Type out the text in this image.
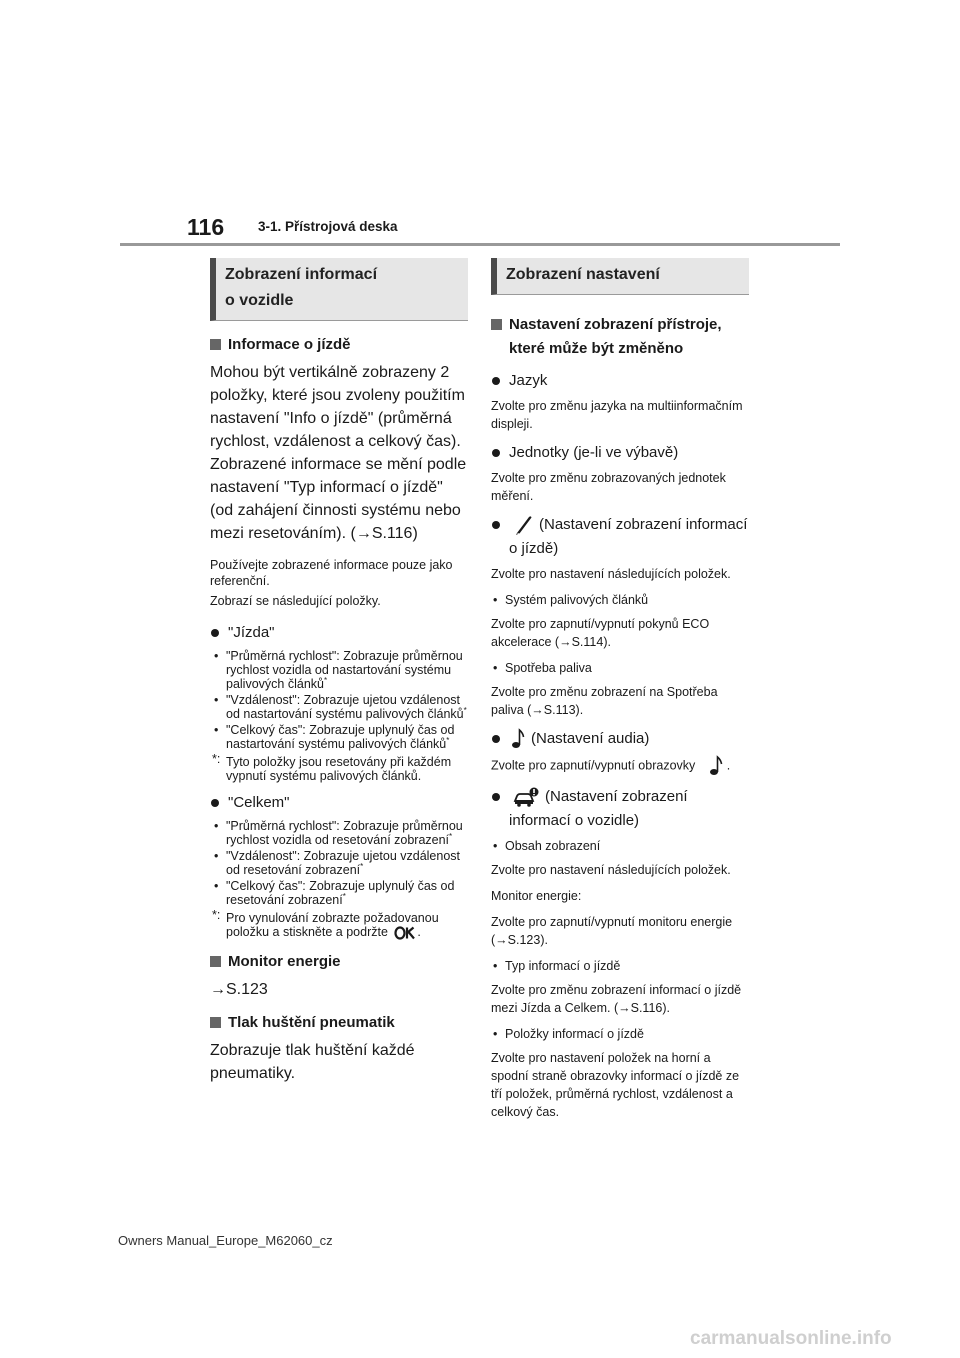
116	3-1. Přístrojová deska
Zobrazení informací
o vozidle
Informace o jízdě

Mohou být vertikálně zobrazeny 2 položky, které jsou zvoleny použitím nastavení "Info o jízdě" (průměrná rychlost, vzdálenost a celkový čas). Zobrazené informace se mění podle nastavení "Typ informací o jízdě" (od zahájení činnosti systému nebo mezi resetováním). (→S.116)

Používejte zobrazené informace pouze jako referenční.

Zobrazí se následující položky.

"Jízda"
• "Průměrná rychlost": Zobrazuje průměrnou rychlost vozidla od nastartování systému palivových článků*
• "Vzdálenost": Zobrazuje ujetou vzdálenost od nastartování systému palivových článků*
• "Celkový čas": Zobrazuje uplynulý čas od nastartování systému palivových článků*
*: Tyto položky jsou resetovány při každém vypnutí systému palivových článků.
"Celkem"
• "Průměrná rychlost": Zobrazuje průměrnou rychlost vozidla od resetování zobrazení*
• "Vzdálenost": Zobrazuje ujetou vzdálenost od resetování zobrazení*
• "Celkový čas": Zobrazuje uplynulý čas od resetování zobrazení*
*: Pro vynulování zobrazte požadovanou položku a stiskněte a podržte .
Monitor energie

→S.123

Tlak huštění pneumatik

Zobrazuje tlak huštění každé pneumatiky.

Zobrazení nastavení
Nastavení zobrazení přístroje, které může být změněno
Jazyk

Zvolte pro změnu jazyka na multiinformačním displeji.

Jednotky (je-li ve výbavě)

Zvolte pro změnu zobrazovaných jednotek měření.

(Nastavení zobrazení informací o jízdě)

Zvolte pro nastavení následujících položek.

• Systém palivových článků

Zvolte pro zapnutí/vypnutí pokynů ECO akcelerace (→S.114).

• Spotřeba paliva

Zvolte pro změnu zobrazení na Spotřeba paliva (→S.113).

(Nastavení audia)

Zvolte pro zapnutí/vypnutí obrazovky	.

(Nastavení zobrazení informací o vozidle)
• Obsah zobrazení

Zvolte pro nastavení následujících položek.

Monitor energie:

Zvolte pro zapnutí/vypnutí monitoru energie (→S.123).

• Typ informací o jízdě

Zvolte pro změnu zobrazení informací o jízdě mezi Jízda a Celkem. (→S.116).

• Položky informací o jízdě

Zvolte pro nastavení položek na horní a spodní straně obrazovky informací o jízdě ze tří položek, průměrná rychlost, vzdálenost a celkový čas.

Owners Manual_Europe_M62060_cz
carmanualsonline.info
